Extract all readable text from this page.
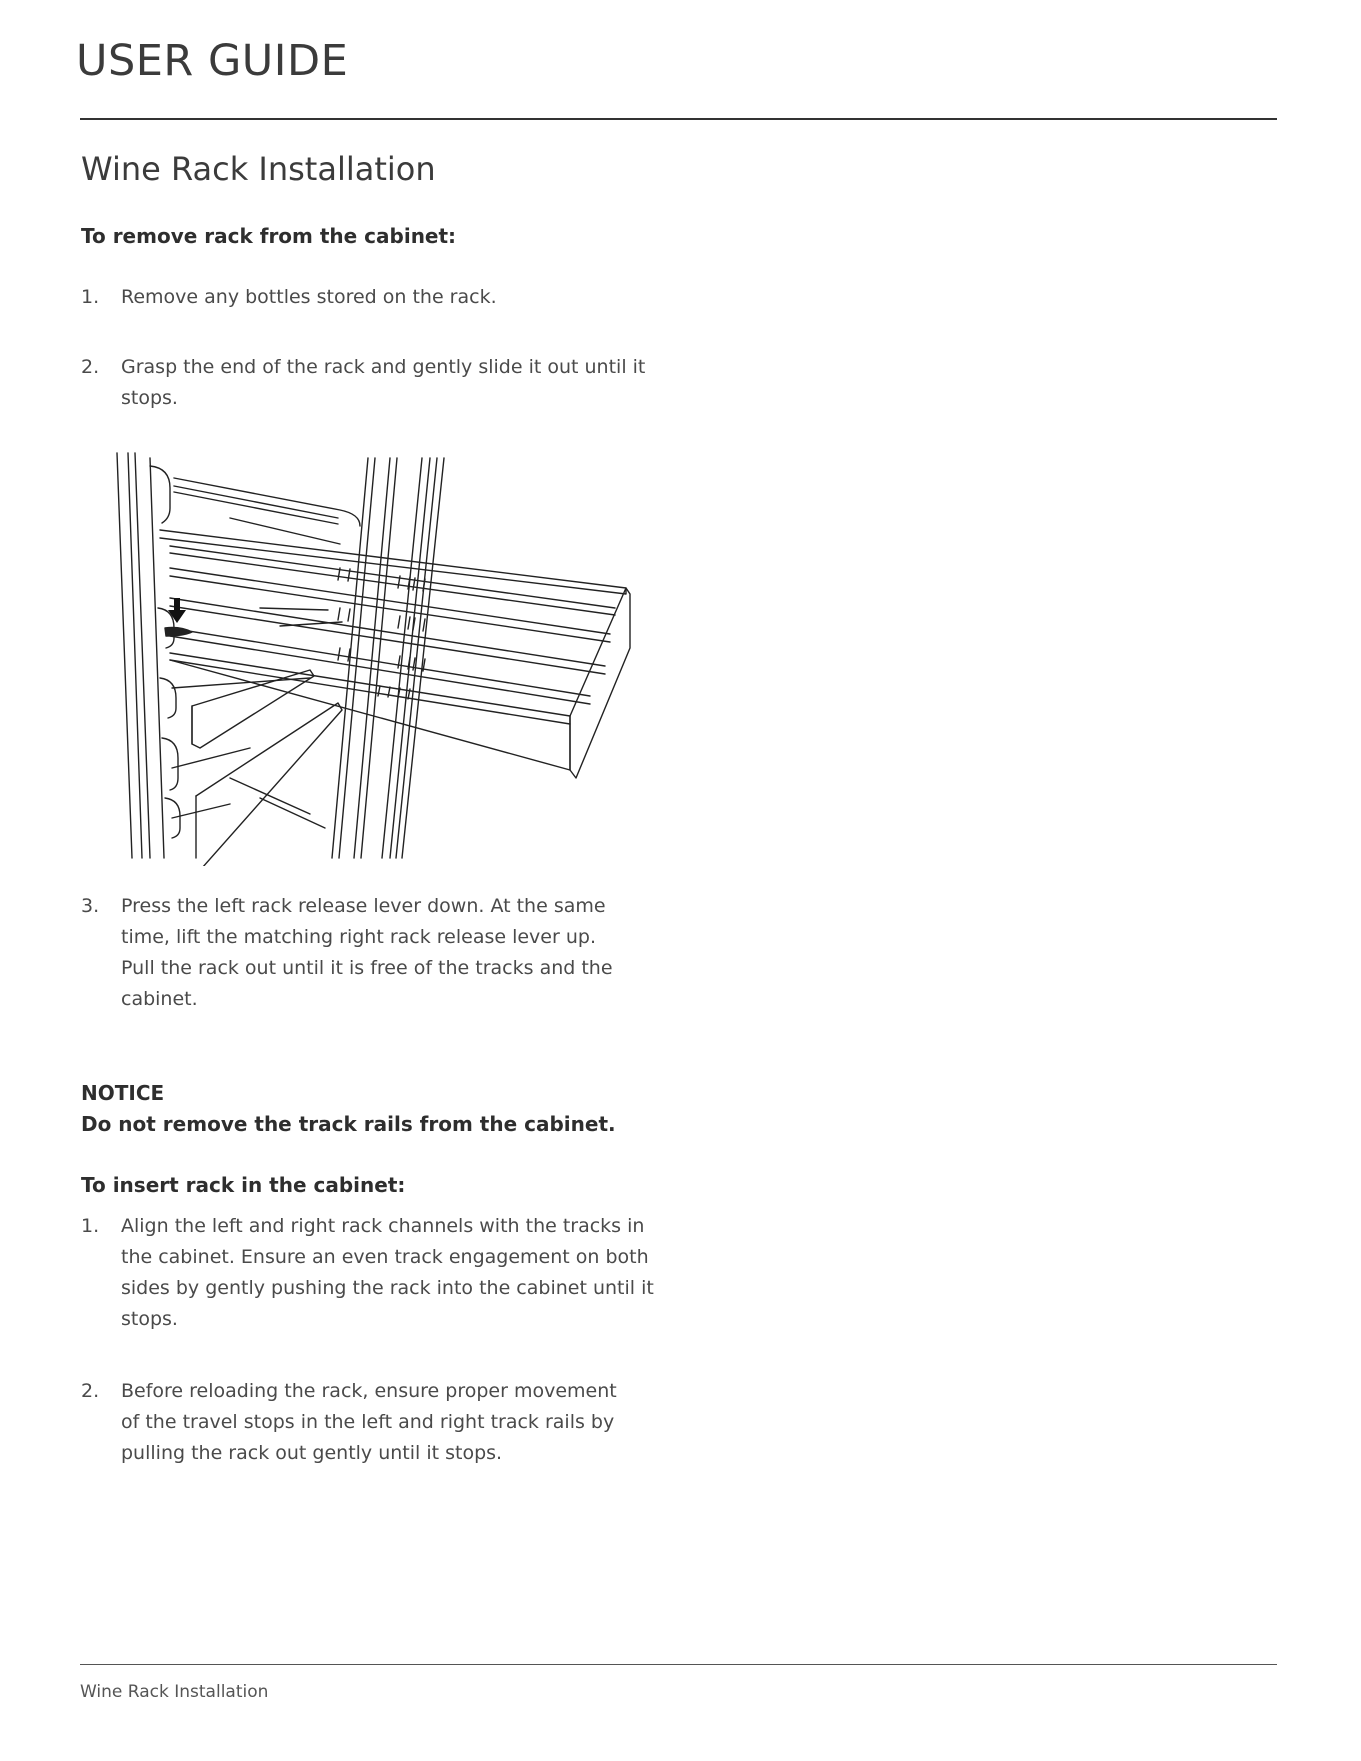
USER GUIDE
Wine Rack Installation

To remove rack from the cabinet:

1. Remove any bottles stored on the rack.
2. Grasp the end of the rack and gently slide it out until it stops.
3. Press the left rack release lever down. At the same time, lift the matching right rack release lever up. Pull the rack out until it is free of the tracks and the cabinet.
NOTICE
Do not remove the track rails from the cabinet.

To insert rack in the cabinet:

1. Align the left and right rack channels with the tracks in the cabinet. Ensure an even track engagement on both sides by gently pushing the rack into the cabinet until it stops.
2. Before reloading the rack, ensure proper movement of the travel stops in the left and right track rails by pulling the rack out gently until it stops.
Wine Rack Installation
